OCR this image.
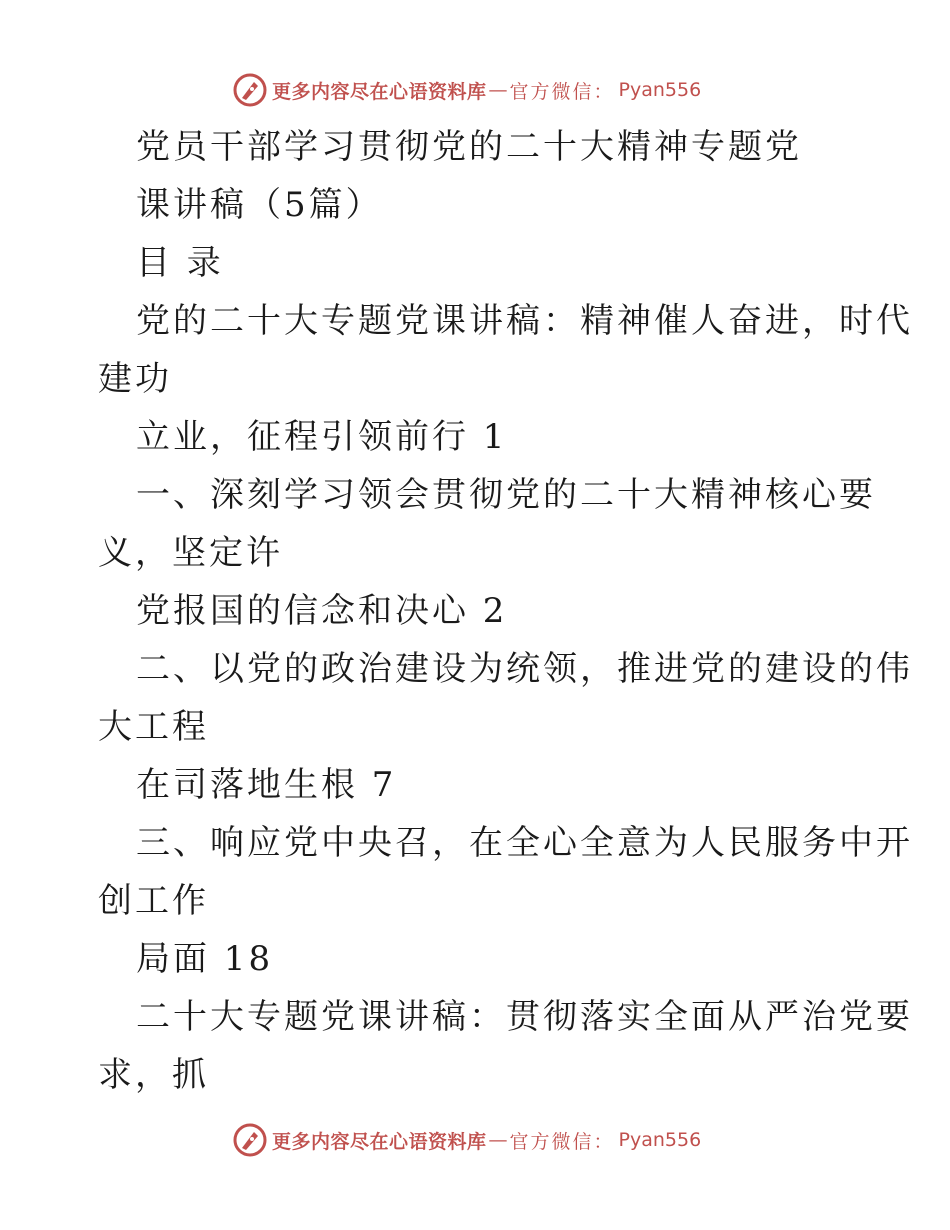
更多内容尽在心语资料库 — 官方微信： Pyan556
党员干部学习贯彻党的二十大精神专题党
课讲稿（5篇）
目 录
党的二十大专题党课讲稿：精神催人奋进，时代
建功
立业，征程引领前行 1
一、深刻学习领会贯彻党的二十大精神核心要
义，坚定许
党报国的信念和决心 2
二、以党的政治建设为统领，推进党的建设的伟
大工程
在司落地生根 7
三、响应党中央召，在全心全意为人民服务中开
创工作
局面 18
二十大专题党课讲稿：贯彻落实全面从严治党要
求，抓
更多内容尽在心语资料库 — 官方微信： Pyan556
